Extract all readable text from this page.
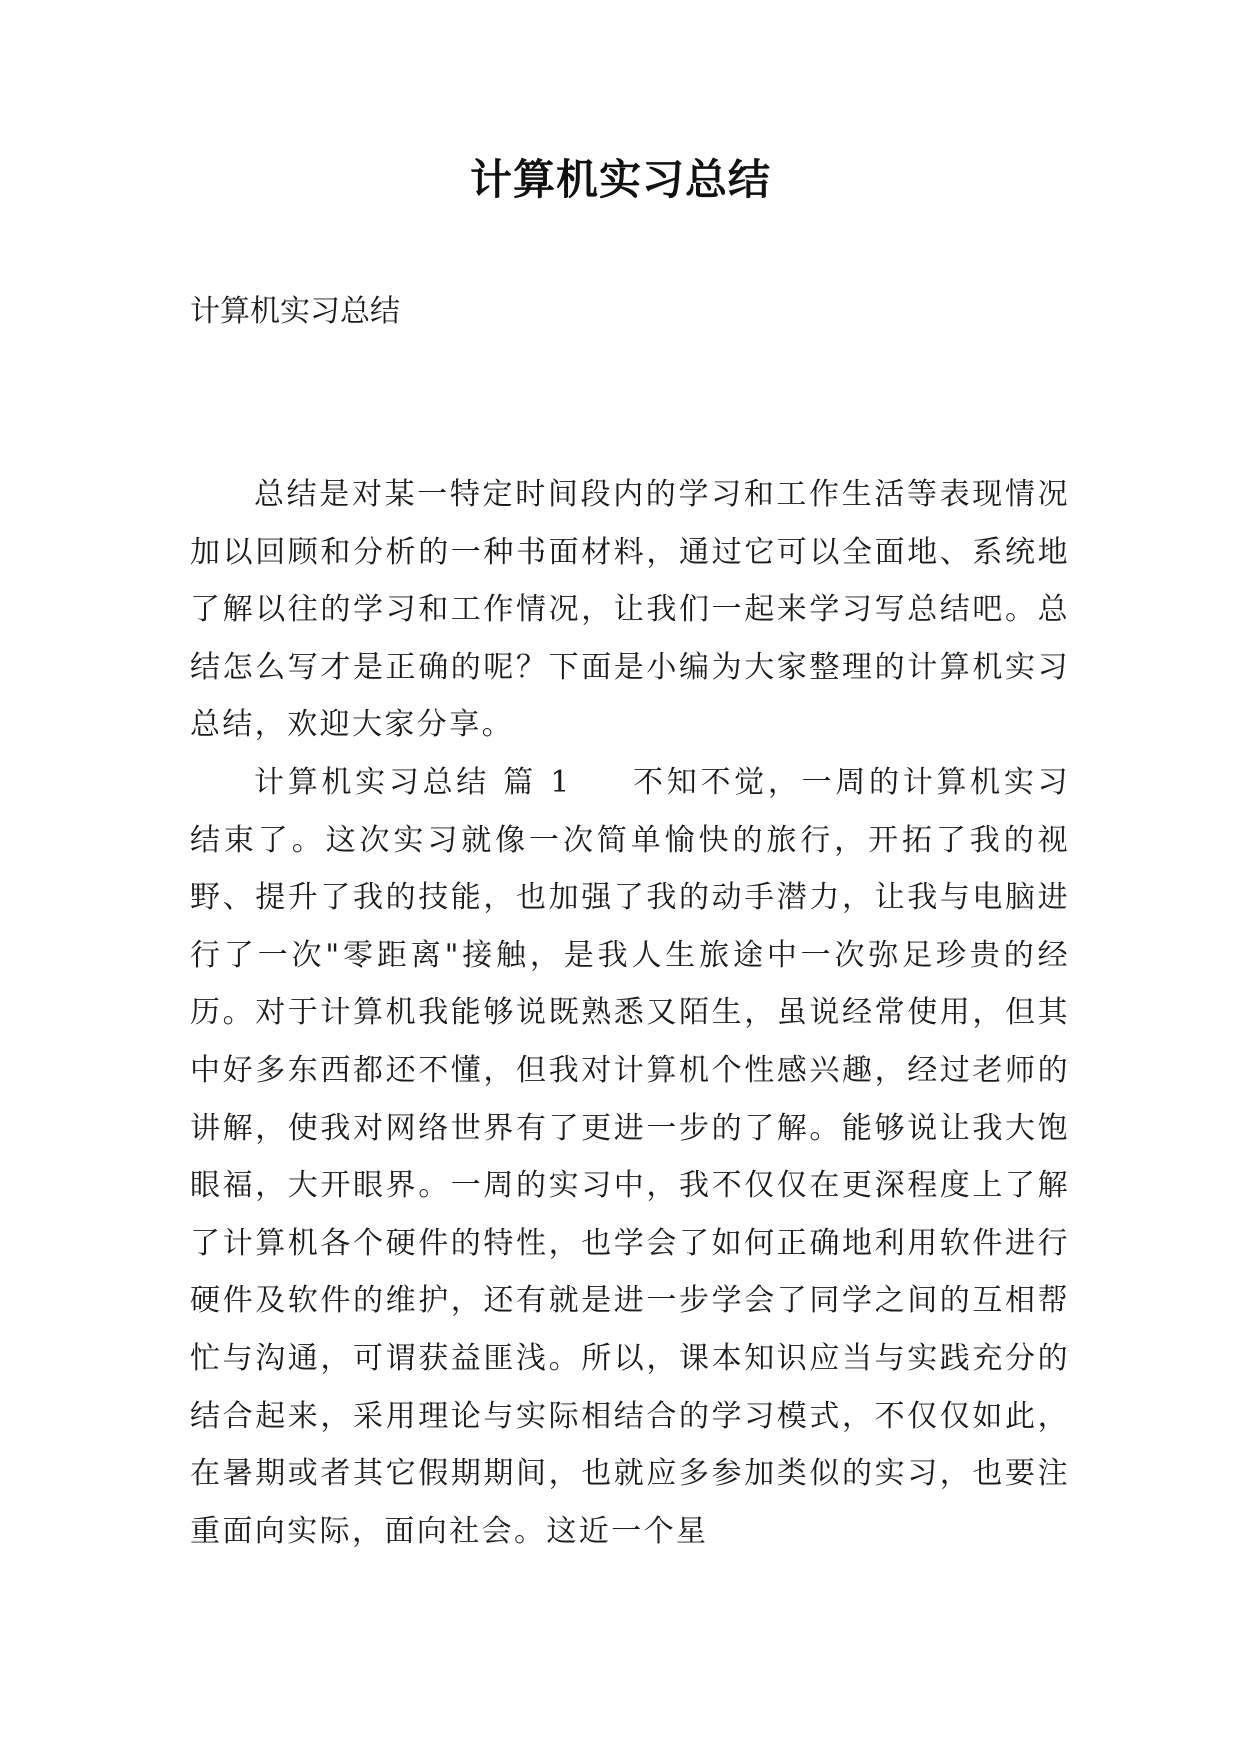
计算机实习总结
计算机实习总结

总结是对某一特定时间段内的学习和工作生活等表现情况加以回顾和分析的一种书面材料，通过它可以全面地、系统地了解以往的学习和工作情况，让我们一起来学习写总结吧。总结怎么写才是正确的呢？下面是小编为大家整理的计算机实习总结，欢迎大家分享。

计算机实习总结 篇 1 不知不觉，一周的计算机实习结束了。这次实习就像一次简单愉快的旅行，开拓了我的视野、提升了我的技能，也加强了我的动手潜力，让我与电脑进行了一次"零距离"接触，是我人生旅途中一次弥足珍贵的经历。对于计算机我能够说既熟悉又陌生，虽说经常使用，但其中好多东西都还不懂，但我对计算机个性感兴趣，经过老师的讲解，使我对网络世界有了更进一步的了解。能够说让我大饱眼福，大开眼界。一周的实习中，我不仅仅在更深程度上了解了计算机各个硬件的特性，也学会了如何正确地利用软件进行硬件及软件的维护，还有就是进一步学会了同学之间的互相帮忙与沟通，可谓获益匪浅。所以，课本知识应当与实践充分的结合起来，采用理论与实际相结合的学习模式，不仅仅如此，在暑期或者其它假期期间，也就应多参加类似的实习，也要注重面向实际，面向社会。这近一个星
